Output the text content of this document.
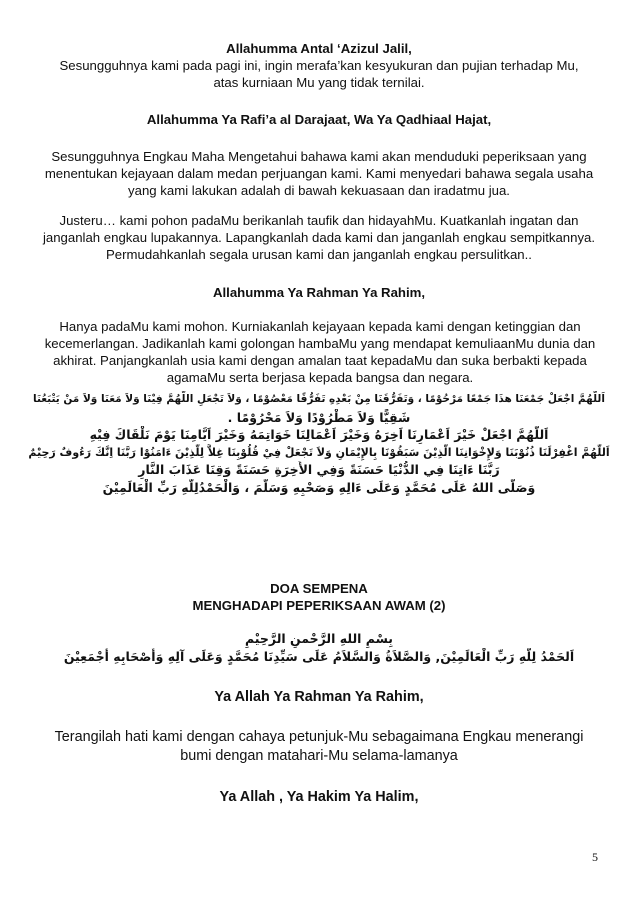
Allahumma Antal ‘Azizul Jalil,

Sesungguhnya kami pada pagi ini, ingin merafa’kan kesyukuran dan pujian terhadap Mu, atas kurniaan Mu yang tidak ternilai.

Allahumma Ya Rafi’a al Darajaat, Wa Ya Qadhiaal Hajat,

Sesungguhnya Engkau Maha Mengetahui bahawa kami akan menduduki peperiksaan yang menentukan kejayaan dalam medan perjuangan kami. Kami menyedari bahawa segala usaha yang kami lakukan adalah di bawah kekuasaan dan iradatmu jua.

Justeru… kami pohon padaMu berikanlah taufik dan hidayahMu. Kuatkanlah ingatan dan janganlah engkau lupakannya. Lapangkanlah dada kami dan janganlah engkau sempitkannya. Permudahkanlah segala urusan kami dan janganlah engkau persulitkan..

Allahumma Ya Rahman Ya Rahim,

Hanya padaMu kami mohon. Kurniakanlah kejayaan kepada kami dengan ketinggian dan kecemerlangan. Jadikanlah kami golongan hambaMu yang mendapat kemuliaanMu dunia dan akhirat. Panjangkanlah usia kami dengan amalan taat kepadaMu dan suka berbakti kepada agamaMu serta berjasa kepada bangsa dan negara.

اَللّهُمَّ اجْعَلْ جَمْعَنَا هذَا جَمْعًا مَرْحُوْمًا ، وَتَفَرُّقَنَا مِنْ بَعْدِهِ تَفَرُّقًا مَعْصُوْمًا ، وَلاَ تَجْعَلِ اللّهُمَّ فِيْنَا وَلاَ مَعَنَا وَلاَ مَنْ يَتْبَعُنَا
شَقِيًّا وَلاَ مَطْرُوْدًا وَلاَ مَحْرُوْمًا .
اَللّهُمَّ اجْعَلْ خَيْرَ اَعْمَارِنَا اَخِرَهُ وَخَيْرَ اَعْمَالِنَا خَوَاتِمَهُ وَخَيْرَ اَيَّامِنَا يَوْمَ نَلْقَاكَ فِيْهِ
اَللّهُمَّ اغْفِرْلَنَا ذُنُوْبَنَا وَلإِخْوَانِنَا الَّذِيْنَ سَبَقُوْنَا بِالإِيْمَانِ وَلاَ تَجْعَلْ فِيْ قُلُوْبِنَا غِلاًّ لِلَّذِيْنَ ءَامَنُوْا رَبَّنَا اِنَّكَ رَءُوفٌ رَحِيْمٌ
رَبَّنَا ءَاتِنَا فِي الدُّنْيَا حَسَنَةً وَفِي الأَخِرَةِ حَسَنَةً وَقِنَا عَذَابَ النَّارِ
وَصَلَّى اللهُ عَلَى مُحَمَّدٍ وَعَلَى ءَالِهِ وَصَحْبِهِ وَسَلَّمَ ، وَالْحَمْدُلِلّهِ رَبِّ الْعَالَمِيْنَ

DOA SEMPENA

MENGHADAPI PEPERIKSAAN AWAM (2)

بِسْمِ اللهِ الرَّحْمنِ الرَّحِيْمِ
اَلحَمْدُ لِلّهِ رَبِّ الْعَالَمِيْنَ, وَالصَّلاَةُ وَالسَّلاَمُ عَلَى سَيِّدِنَا مُحَمَّدٍ وَعَلَى آلِهِ وَأَصْحَابِهِ أَجْمَعِيْنَ

Ya Allah Ya Rahman Ya Rahim,

Terangilah hati kami dengan cahaya petunjuk-Mu sebagaimana Engkau menerangi bumi dengan matahari-Mu selama-lamanya

Ya Allah , Ya Hakim Ya Halim,

5
